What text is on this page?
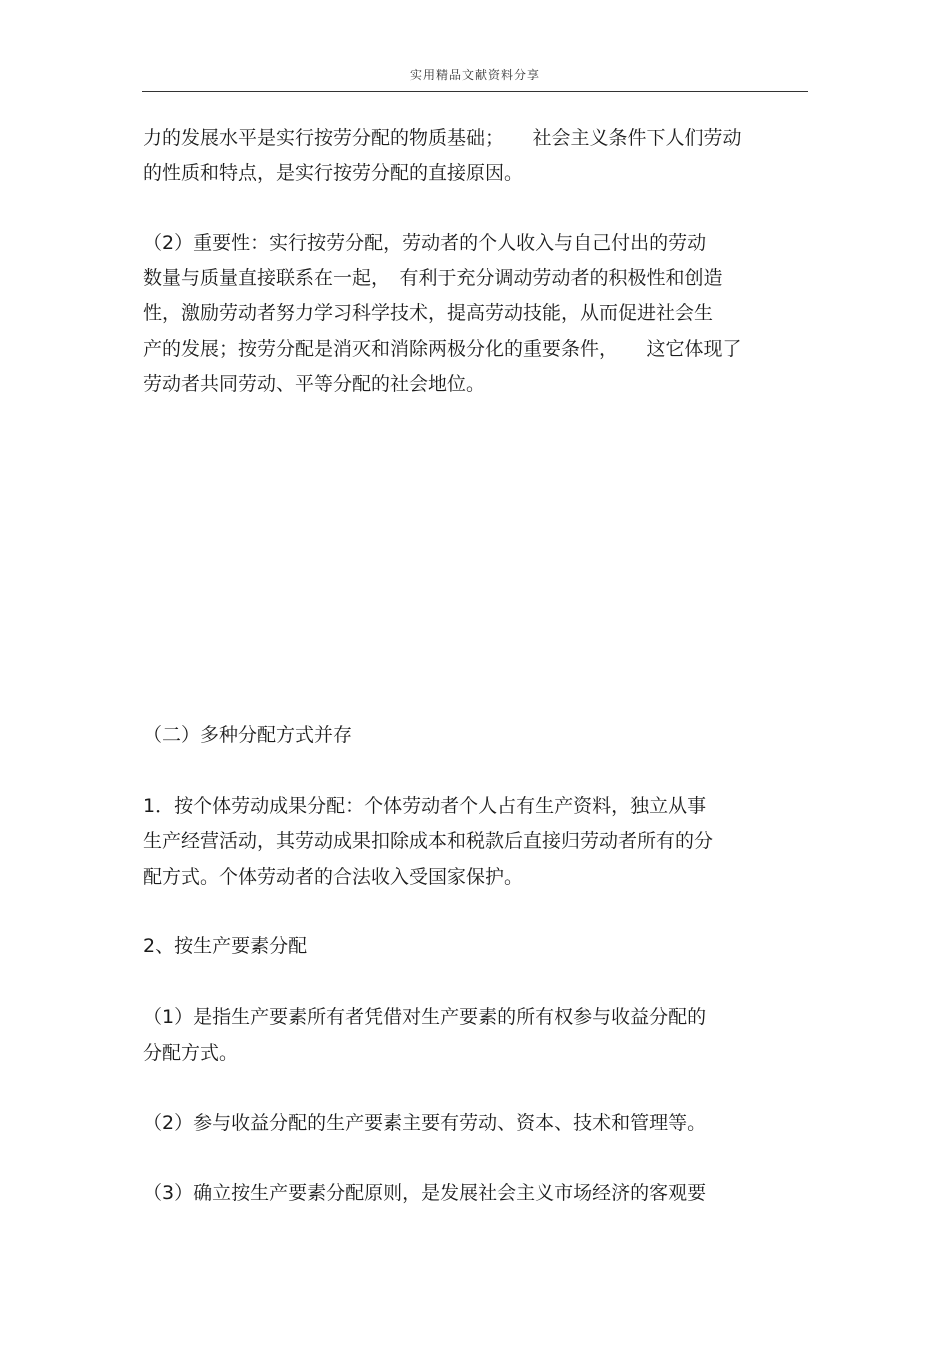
实用精品文献资料分享
力的发展水平是实行按劳分配的物质基础；　　社会主义条件下人们劳动
的性质和特点，是实行按劳分配的直接原因。
（2）重要性：实行按劳分配，劳动者的个人收入与自己付出的劳动
数量与质量直接联系在一起，　有利于充分调动劳动者的积极性和创造
性，激励劳动者努力学习科学技术，提高劳动技能，从而促进社会生
产的发展；按劳分配是消灭和消除两极分化的重要条件，　　这它体现了
劳动者共同劳动、平等分配的社会地位。
（二）多种分配方式并存
1．按个体劳动成果分配：个体劳动者个人占有生产资料，独立从事
生产经营活动，其劳动成果扣除成本和税款后直接归劳动者所有的分
配方式。个体劳动者的合法收入受国家保护。
2、按生产要素分配
（1）是指生产要素所有者凭借对生产要素的所有权参与收益分配的
分配方式。
（2）参与收益分配的生产要素主要有劳动、资本、技术和管理等。
（3）确立按生产要素分配原则，是发展社会主义市场经济的客观要
